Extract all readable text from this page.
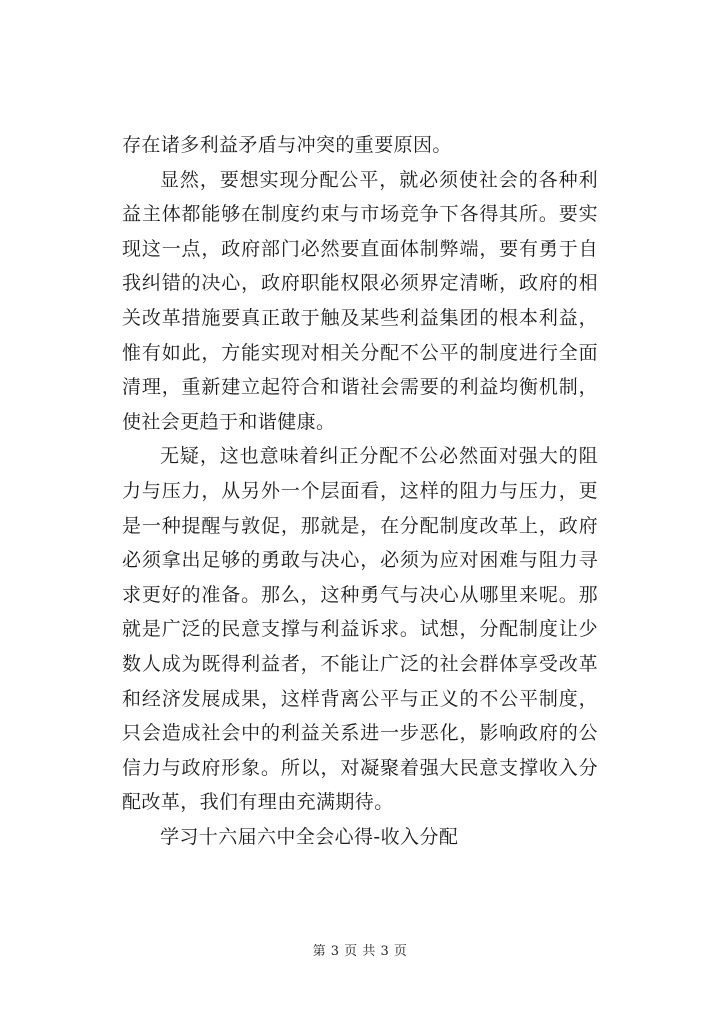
存在诸多利益矛盾与冲突的重要原因。

显然，要想实现分配公平，就必须使社会的各种利益主体都能够在制度约束与市场竞争下各得其所。要实现这一点，政府部门必然要直面体制弊端，要有勇于自我纠错的决心，政府职能权限必须界定清晰，政府的相关改革措施要真正敢于触及某些利益集团的根本利益，惟有如此，方能实现对相关分配不公平的制度进行全面清理，重新建立起符合和谐社会需要的利益均衡机制，使社会更趋于和谐健康。

无疑，这也意味着纠正分配不公必然面对强大的阻力与压力，从另外一个层面看，这样的阻力与压力，更是一种提醒与敦促，那就是，在分配制度改革上，政府必须拿出足够的勇敢与决心，必须为应对困难与阻力寻求更好的准备。那么，这种勇气与决心从哪里来呢。那就是广泛的民意支撑与利益诉求。试想，分配制度让少数人成为既得利益者，不能让广泛的社会群体享受改革和经济发展成果，这样背离公平与正义的不公平制度，只会造成社会中的利益关系进一步恶化，影响政府的公信力与政府形象。所以，对凝聚着强大民意支撑收入分配改革，我们有理由充满期待。

学习十六届六中全会心得-收入分配

第 3 页 共 3 页
